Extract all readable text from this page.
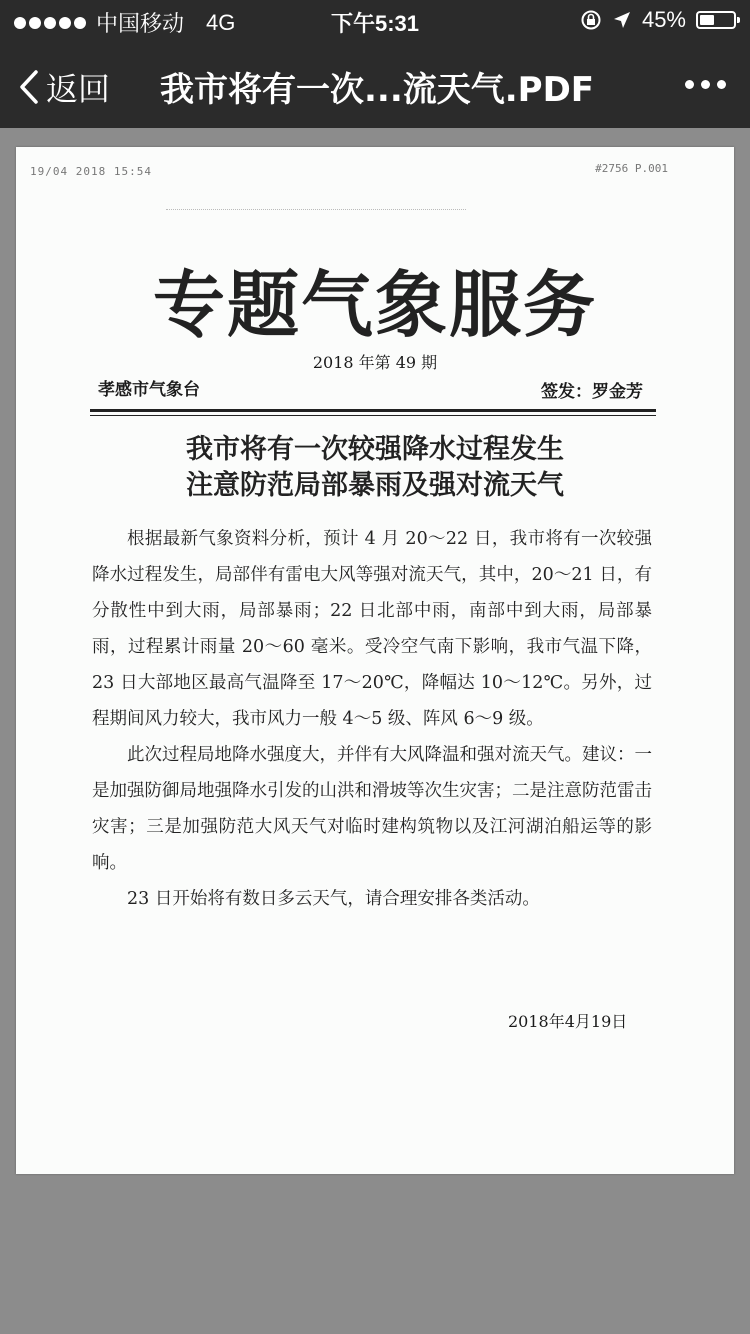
中国移动 4G	下午5:31	45%
返回 我市将有一次...流天气.PDF
19/04 2018 15:54	#2756 P.001
专题气象服务
2018 年第 49 期
孝感市气象台	签发：罗金芳
我市将有一次较强降水过程发生
注意防范局部暴雨及强对流天气

根据最新气象资料分析，预计 4 月 20～22 日，我市将有一次较强降水过程发生，局部伴有雷电大风等强对流天气，其中，20～21 日，有分散性中到大雨，局部暴雨；22 日北部中雨，南部中到大雨，局部暴雨，过程累计雨量 20～60 毫米。受冷空气南下影响，我市气温下降，23 日大部地区最高气温降至 17～20℃，降幅达 10～12℃。另外，过程期间风力较大，我市风力一般 4～5 级、阵风 6～9 级。

此次过程局地降水强度大，并伴有大风降温和强对流天气。建议：一是加强防御局地强降水引发的山洪和滑坡等次生灾害；二是注意防范雷击灾害；三是加强防范大风天气对临时建构筑物以及江河湖泊船运等的影响。

23 日开始将有数日多云天气，请合理安排各类活动。

2018年4月19日
